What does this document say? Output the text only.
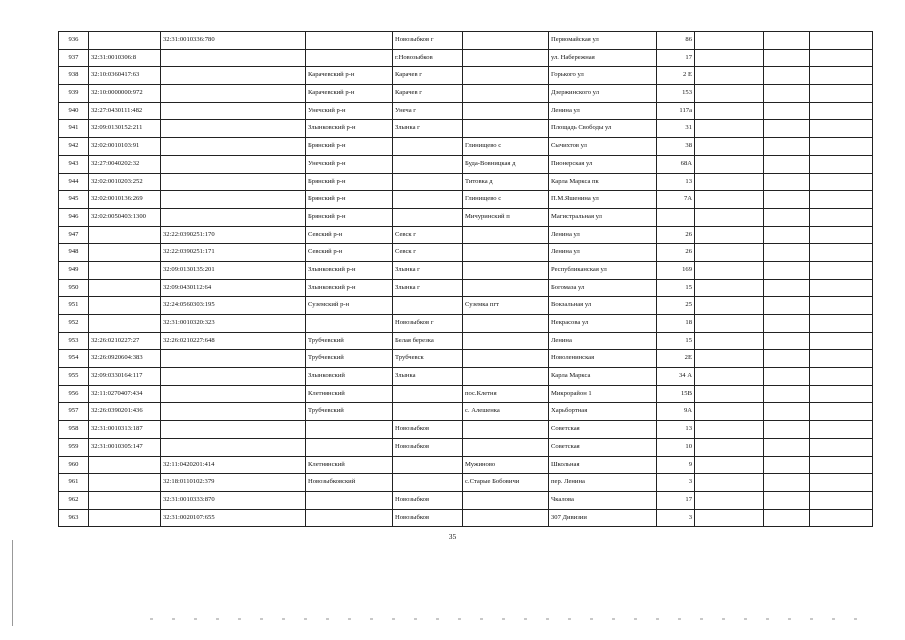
936		32:31:0010336:780		Новозыбков г		Первомайская ул	86			
937	32:31:0010306:8			г.Новозыбков		ул. Набережная	17			
938	32:10:0360417:63		Карачевский р-н	Карачев г		Горького ул	2 Е			
939	32:10:0000000:972		Карачевский р-н	Карачев г		Дзержинского ул	153			
940	32:27:0430111:482		Унечский р-н	Унеча г		Ленина ул	117а			
941	32:09:0130152:211		Злынковский р-н	Злынка г		Площадь Свободы ул	31			
942	32:02:0010103:91		Брянский р-н		Глинищево с	Сычихтов ул	38			
943	32:27:0040202:32		Унечский р-н		Буда-Вовницкая д	Пионерская ул	68А			
944	32:02:0010203:252		Брянский р-н		Титовка д	Карла Маркса пк	13			
945	32:02:0010136:269		Брянский р-н		Глинищево с	П.М.Яшенина ул	7А			
946	32:02:0050403:1300		Брянский р-н		Мичуринский п	Магистральная ул				
947		32:22:0390251:170	Севский р-н	Севск г		Ленина ул	26			
948		32:22:0390251:171	Севский р-н	Севск г		Ленина ул	26			
949		32:09:0130135:201	Злынковский р-н	Злынка г		Республиканская ул	169			
950		32:09:0430112:64	Злынковский р-н	Злынка г		Богомаза ул	15			
951		32:24:0560303:195	Суземский р-н		Суземка пгт	Вокзальная ул	25			
952		32:31:0010320:323		Новозыбков г		Некрасова ул	18			
953	32:26:0210227:27	32:26:0210227:648	Трубчевский	Белая березка		Ленина	15			
954	32:26:0920604:383		Трубчевский	Трубчевск		Новоленинская	2Е			
955	32:09:0330164:117		Злынковский	Злынка		Карла Маркса	34 А			
956	32:11:0270407:434		Клетнянский		пос.Клетня	Микрорайон 1	15В			
957	32:26:0390201:436		Трубчевский		с. Алешенка	Харьбортная	9А			
958	32:31:0010313:187			Новозыбков		Советская	13			
959	32:31:0010305:147			Новозыбков		Советская	10			
960		32:11:0420201:414	Клетнянский		Мужиново	Школьная	9			
961		32:18:0110102:379	Новозыбковский		с.Старые Бобовичи	пер. Ленина	3			
962		32:31:0010333:870		Новозыбков		Чкалова	17			
963		32:31:0020107:655		Новозыбков		307 Дивизии	3			
35
